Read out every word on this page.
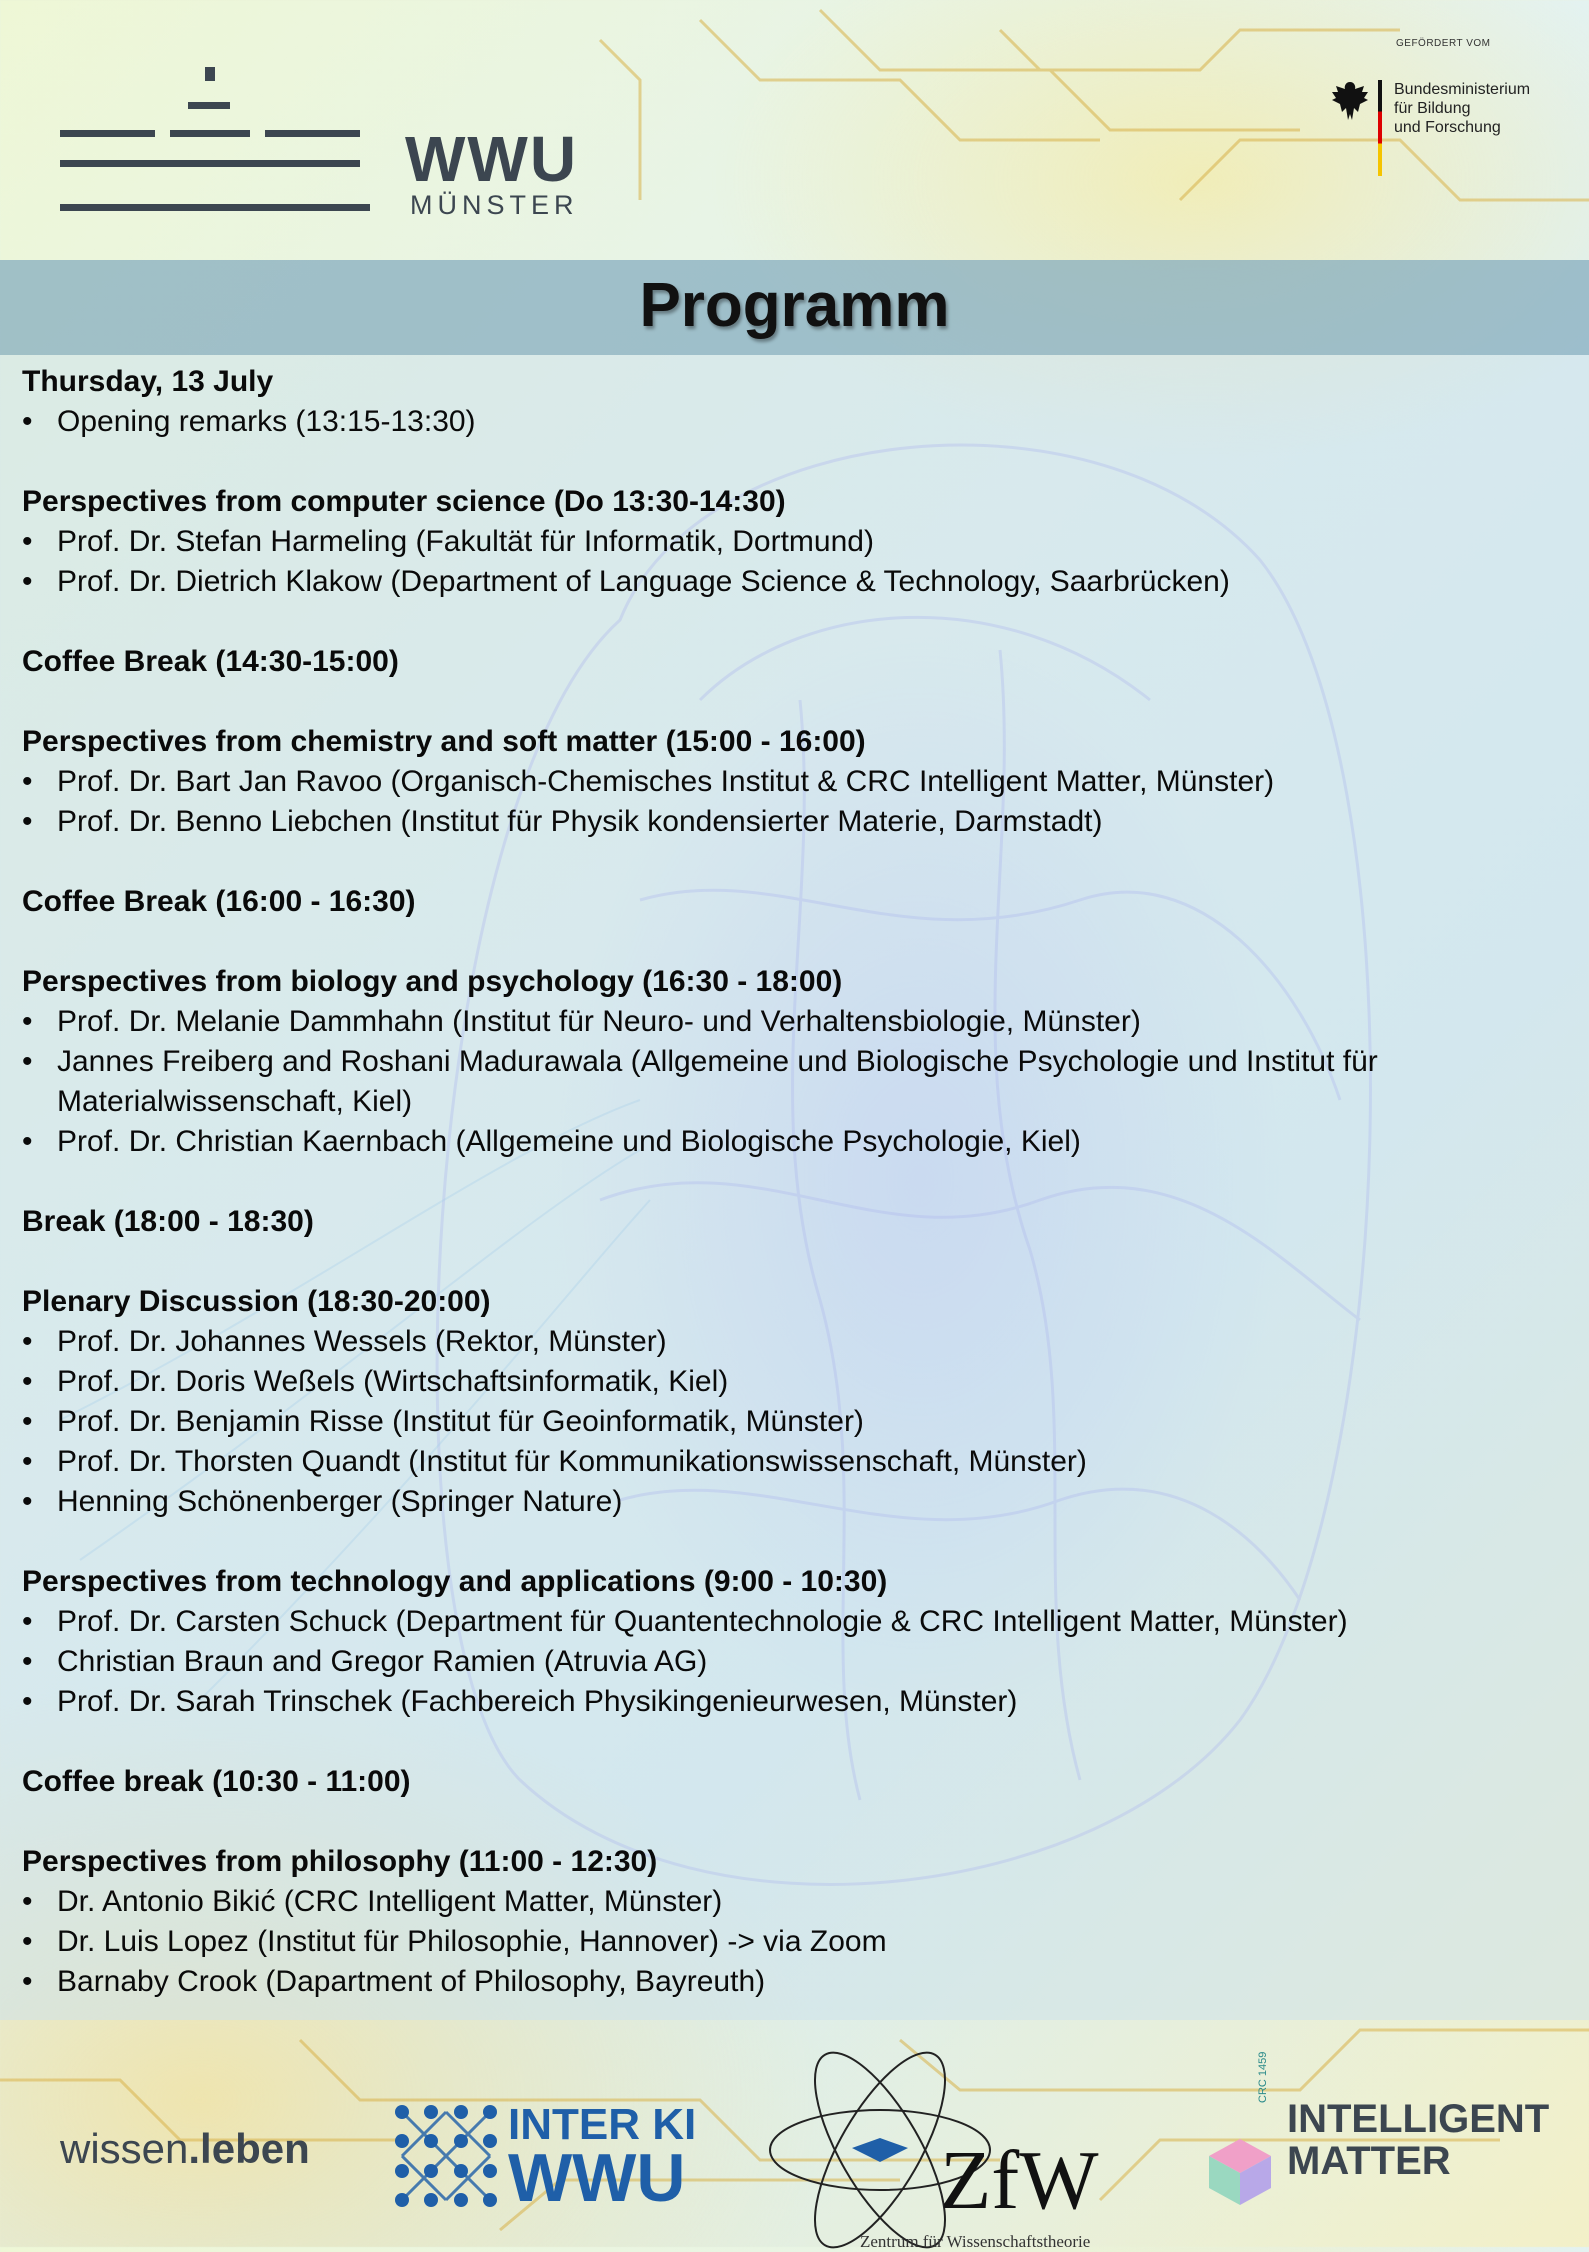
WWU
MÜNSTER
GEFÖRDERT VOM
Bundesministerium
für Bildung
und Forschung
Programm
Thursday, 13 July
• Opening remarks (13:15-13:30)
Perspectives from computer science (Do 13:30-14:30)
• Prof. Dr. Stefan Harmeling (Fakultät für Informatik, Dortmund)
• Prof. Dr. Dietrich Klakow (Department of Language Science & Technology, Saarbrücken)
Coffee Break (14:30-15:00)
Perspectives from chemistry and soft matter (15:00 - 16:00)
• Prof. Dr. Bart Jan Ravoo (Organisch-Chemisches Institut & CRC Intelligent Matter, Münster)
• Prof. Dr. Benno Liebchen (Institut für Physik kondensierter Materie, Darmstadt)
Coffee Break (16:00 - 16:30)
Perspectives from biology and psychology (16:30 - 18:00)
• Prof. Dr. Melanie Dammhahn (Institut für Neuro- und Verhaltensbiologie, Münster)
• Jannes Freiberg and Roshani Madurawala (Allgemeine und Biologische Psychologie und Institut für Materialwissenschaft, Kiel)
• Prof. Dr. Christian Kaernbach (Allgemeine und Biologische Psychologie, Kiel)
Break (18:00 - 18:30)
Plenary Discussion (18:30-20:00)
• Prof. Dr. Johannes Wessels (Rektor, Münster)
• Prof. Dr. Doris Weßels (Wirtschaftsinformatik, Kiel)
• Prof. Dr. Benjamin Risse (Institut für Geoinformatik, Münster)
• Prof. Dr. Thorsten Quandt (Institut für Kommunikationswissenschaft, Münster)
• Henning Schönenberger (Springer Nature)
Perspectives from technology and applications (9:00 - 10:30)
• Prof. Dr. Carsten Schuck (Department für Quantentechnologie & CRC Intelligent Matter, Münster)
• Christian Braun and Gregor Ramien (Atruvia AG)
• Prof. Dr. Sarah Trinschek (Fachbereich Physikingenieurwesen, Münster)
Coffee break (10:30 - 11:00)
Perspectives from philosophy (11:00 - 12:30)
• Dr. Antonio Bikić (CRC Intelligent Matter, Münster)
• Dr. Luis Lopez (Institut für Philosophie, Hannover) -> via Zoom
• Barnaby Crook (Dapartment of Philosophy, Bayreuth)
wissen.leben	INTER KI
WWU	ZfW
Zentrum für Wissenschaftstheorie
CRC 1459
INTELLIGENT
MATTER
